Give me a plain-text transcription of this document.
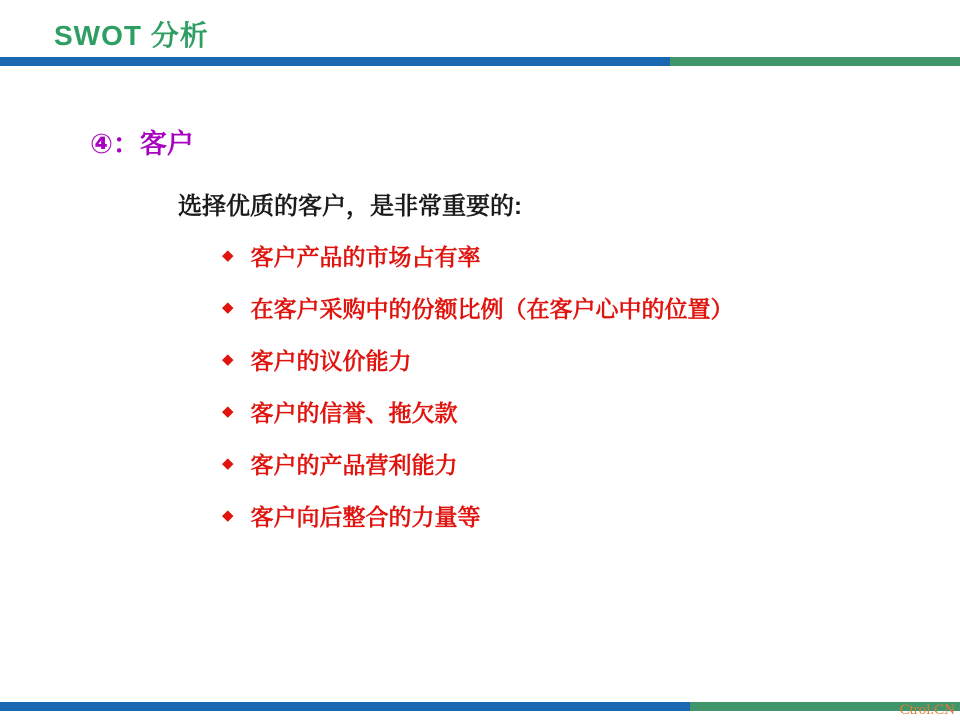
SWOT 分析
④：客户
选择优质的客户，是非常重要的:
◆ 客户产品的市场占有率
◆ 在客户采购中的份额比例（在客户心中的位置）
◆ 客户的议价能力
◆ 客户的信誉、拖欠款
◆ 客户的产品营利能力
◆ 客户向后整合的力量等
Ctrol.CN
